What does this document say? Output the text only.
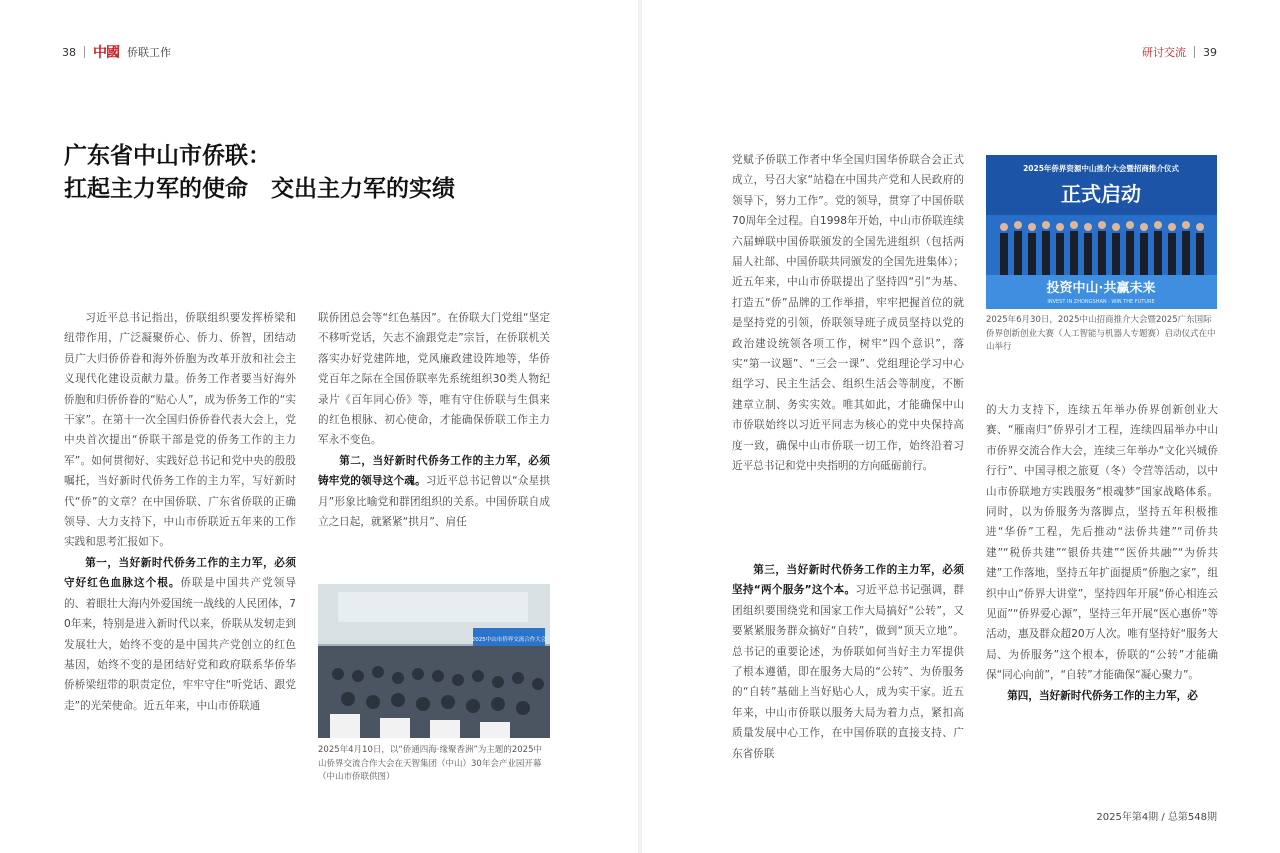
38 中國 侨联工作	研讨交流 39
广东省中山市侨联：
扛起主力军的使命　交出主力军的实绩

习近平总书记指出，侨联组织要发挥桥梁和纽带作用，广泛凝聚侨心、侨力、侨智，团结动员广大归侨侨眷和海外侨胞为改革开放和社会主义现代化建设贡献力量。侨务工作者要当好海外侨胞和归侨侨眷的“贴心人”，成为侨务工作的“实干家”。在第十一次全国归侨侨眷代表大会上，党中央首次提出“侨联干部是党的侨务工作的主力军”。如何贯彻好、实践好总书记和党中央的殷殷嘱托，当好新时代侨务工作的主力军，写好新时代“侨”的文章？在中国侨联、广东省侨联的正确领导、大力支持下，中山市侨联近五年来的工作实践和思考汇报如下。

第一，当好新时代侨务工作的主力军，必须守好红色血脉这个根。侨联是中国共产党领导的、着眼壮大海内外爱国统一战线的人民团体，70年来，特别是进入新时代以来，侨联从发轫走到发展壮大，始终不变的是中国共产党创立的红色基因，始终不变的是团结好党和政府联系华侨华侨桥梁纽带的职责定位，牢牢守住“听党话、跟党走”的光荣使命。近五年来，中山市侨联通

联侨团总会等“红色基因”。在侨联大门党组“坚定不移听党话，矢志不渝跟党走”宗旨，在侨联机关落实办好党建阵地，党风廉政建设阵地等，华侨党百年之际在全国侨联率先系统组织30类人物纪录片《百年同心侨》等，唯有守住侨联与生俱来的红色根脉、初心使命，才能确保侨联工作主力军永不变色。

第二，当好新时代侨务工作的主力军，必须铸牢党的领导这个魂。习近平总书记曾以“众星拱月”形象比喻党和群团组织的关系。中国侨联自成立之日起，就紧紧“拱月”、肩任

2025中山市侨界交流合作大会
2025年4月10日，以“侨通四海·缘聚香洲”为主题的2025中山侨界交流合作大会在天智集团（中山）30年会产业园开幕（中山市侨联供图）

党赋予侨联工作者中华全国归国华侨联合会正式成立，号召大家“站稳在中国共产党和人民政府的领导下，努力工作”。党的领导，贯穿了中国侨联70周年全过程。自1998年开始，中山市侨联连续六届蝉联中国侨联颁发的全国先进组织（包括两届人社部、中国侨联共同颁发的全国先进集体）；近五年来，中山市侨联提出了坚持四“引”为基、打造五“侨”品牌的工作举措，牢牢把握首位的就是坚持党的引领，侨联领导班子成员坚持以党的政治建设统领各项工作，树牢“四个意识”，落实“第一议题”、“三会一课”、党组理论学习中心组学习、民主生活会、组织生活会等制度，不断建章立制、务实实效。唯其如此，才能确保中山市侨联始终以习近平同志为核心的党中央保持高度一致，确保中山市侨联一切工作，始终沿着习近平总书记和党中央指明的方向砥砺前行。

第三，当好新时代侨务工作的主力军，必须坚持“两个服务”这个本。习近平总书记强调，群团组织要围绕党和国家工作大局搞好“公转”，又要紧紧服务群众搞好“自转”，做到“顶天立地”。总书记的重要论述，为侨联如何当好主力军提供了根本遵循，即在服务大局的“公转”、为侨服务的“自转”基础上当好贴心人，成为实干家。近五年来，中山市侨联以服务大局为着力点，紧扣高质量发展中心工作，在中国侨联的直接支持、广东省侨联

2025年侨界资源中山推介大会暨招商推介仪式
正式启动
投资中山·共赢未来
INVEST IN ZHONGSHAN · WIN THE FUTURE
2025年6月30日，2025中山招商推介大会暨2025广东国际侨界创新创业大赛（人工智能与机器人专题赛）启动仪式在中山举行

的大力支持下，连续五年举办侨界创新创业大赛、“雁南归”侨界引才工程，连续四届举办中山市侨界交流合作大会，连续三年举办“文化兴城侨行行”、中国寻根之旅夏（冬）令营等活动，以中山市侨联地方实践服务“根魂梦”国家战略体系。同时，以为侨服务为落脚点，坚持五年积极推进“华侨”工程，先后推动“法侨共建”“司侨共建”“税侨共建”“银侨共建”“医侨共融”“为侨共建”工作落地，坚持五年扩面提质“侨胞之家”，组织中山“侨界大讲堂”，坚持四年开展“侨心相连云见面”“侨界爱心源”，坚持三年开展“医心惠侨”等活动，惠及群众超20万人次。唯有坚持好“服务大局、为侨服务”这个根本，侨联的“公转”才能确保“同心向前”，“自转”才能确保“凝心聚力”。

第四，当好新时代侨务工作的主力军，必

2025年第4期 / 总第548期
